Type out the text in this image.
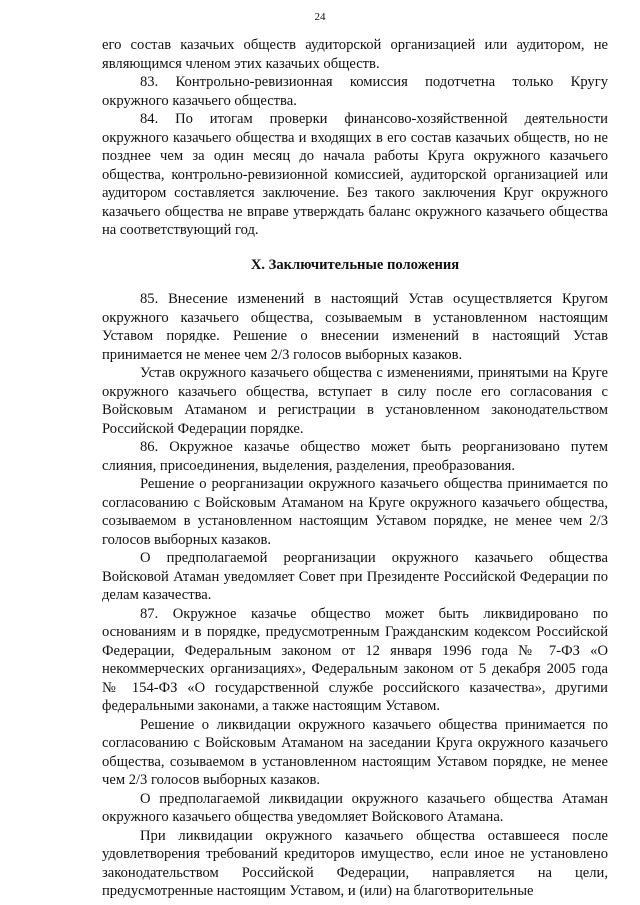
24

его состав казачьих обществ аудиторской организацией или аудитором, не являющимся членом этих казачьих обществ.

83. Контрольно-ревизионная комиссия подотчетна только Кругу окружного казачьего общества.

84. По итогам проверки финансово-хозяйственной деятельности окружного казачьего общества и входящих в его состав казачьих обществ, но не позднее чем за один месяц до начала работы Круга окружного казачьего общества, контрольно-ревизионной комиссией, аудиторской организацией или аудитором составляется заключение. Без такого заключения Круг окружного казачьего общества не вправе утверждать баланс окружного казачьего общества на соответствующий год.

X. Заключительные положения

85. Внесение изменений в настоящий Устав осуществляется Кругом окружного казачьего общества, созываемым в установленном настоящим Уставом порядке. Решение о внесении изменений в настоящий Устав принимается не менее чем 2/3 голосов выборных казаков.

Устав окружного казачьего общества с изменениями, принятыми на Круге окружного казачьего общества, вступает в силу после его согласования с Войсковым Атаманом и регистрации в установленном законодательством Российской Федерации порядке.

86. Окружное казачье общество может быть реорганизовано путем слияния, присоединения, выделения, разделения, преобразования.

Решение о реорганизации окружного казачьего общества принимается по согласованию с Войсковым Атаманом на Круге окружного казачьего общества, созываемом в установленном настоящим Уставом порядке, не менее чем 2/3 голосов выборных казаков.

О предполагаемой реорганизации окружного казачьего общества Войсковой Атаман уведомляет Совет при Президенте Российской Федерации по делам казачества.

87. Окружное казачье общество может быть ликвидировано по основаниям и в порядке, предусмотренным Гражданским кодексом Российской Федерации, Федеральным законом от 12 января 1996 года № 7-ФЗ «О некоммерческих организациях», Федеральным законом от 5 декабря 2005 года № 154-ФЗ «О государственной службе российского казачества», другими федеральными законами, а также настоящим Уставом.

Решение о ликвидации окружного казачьего общества принимается по согласованию с Войсковым Атаманом на заседании Круга окружного казачьего общества, созываемом в установленном настоящим Уставом порядке, не менее чем 2/3 голосов выборных казаков.

О предполагаемой ликвидации окружного казачьего общества Атаман окружного казачьего общества уведомляет Войскового Атамана.

При ликвидации окружного казачьего общества оставшееся после удовлетворения требований кредиторов имущество, если иное не установлено законодательством Российской Федерации, направляется на цели, предусмотренные настоящим Уставом, и (или) на благотворительные
